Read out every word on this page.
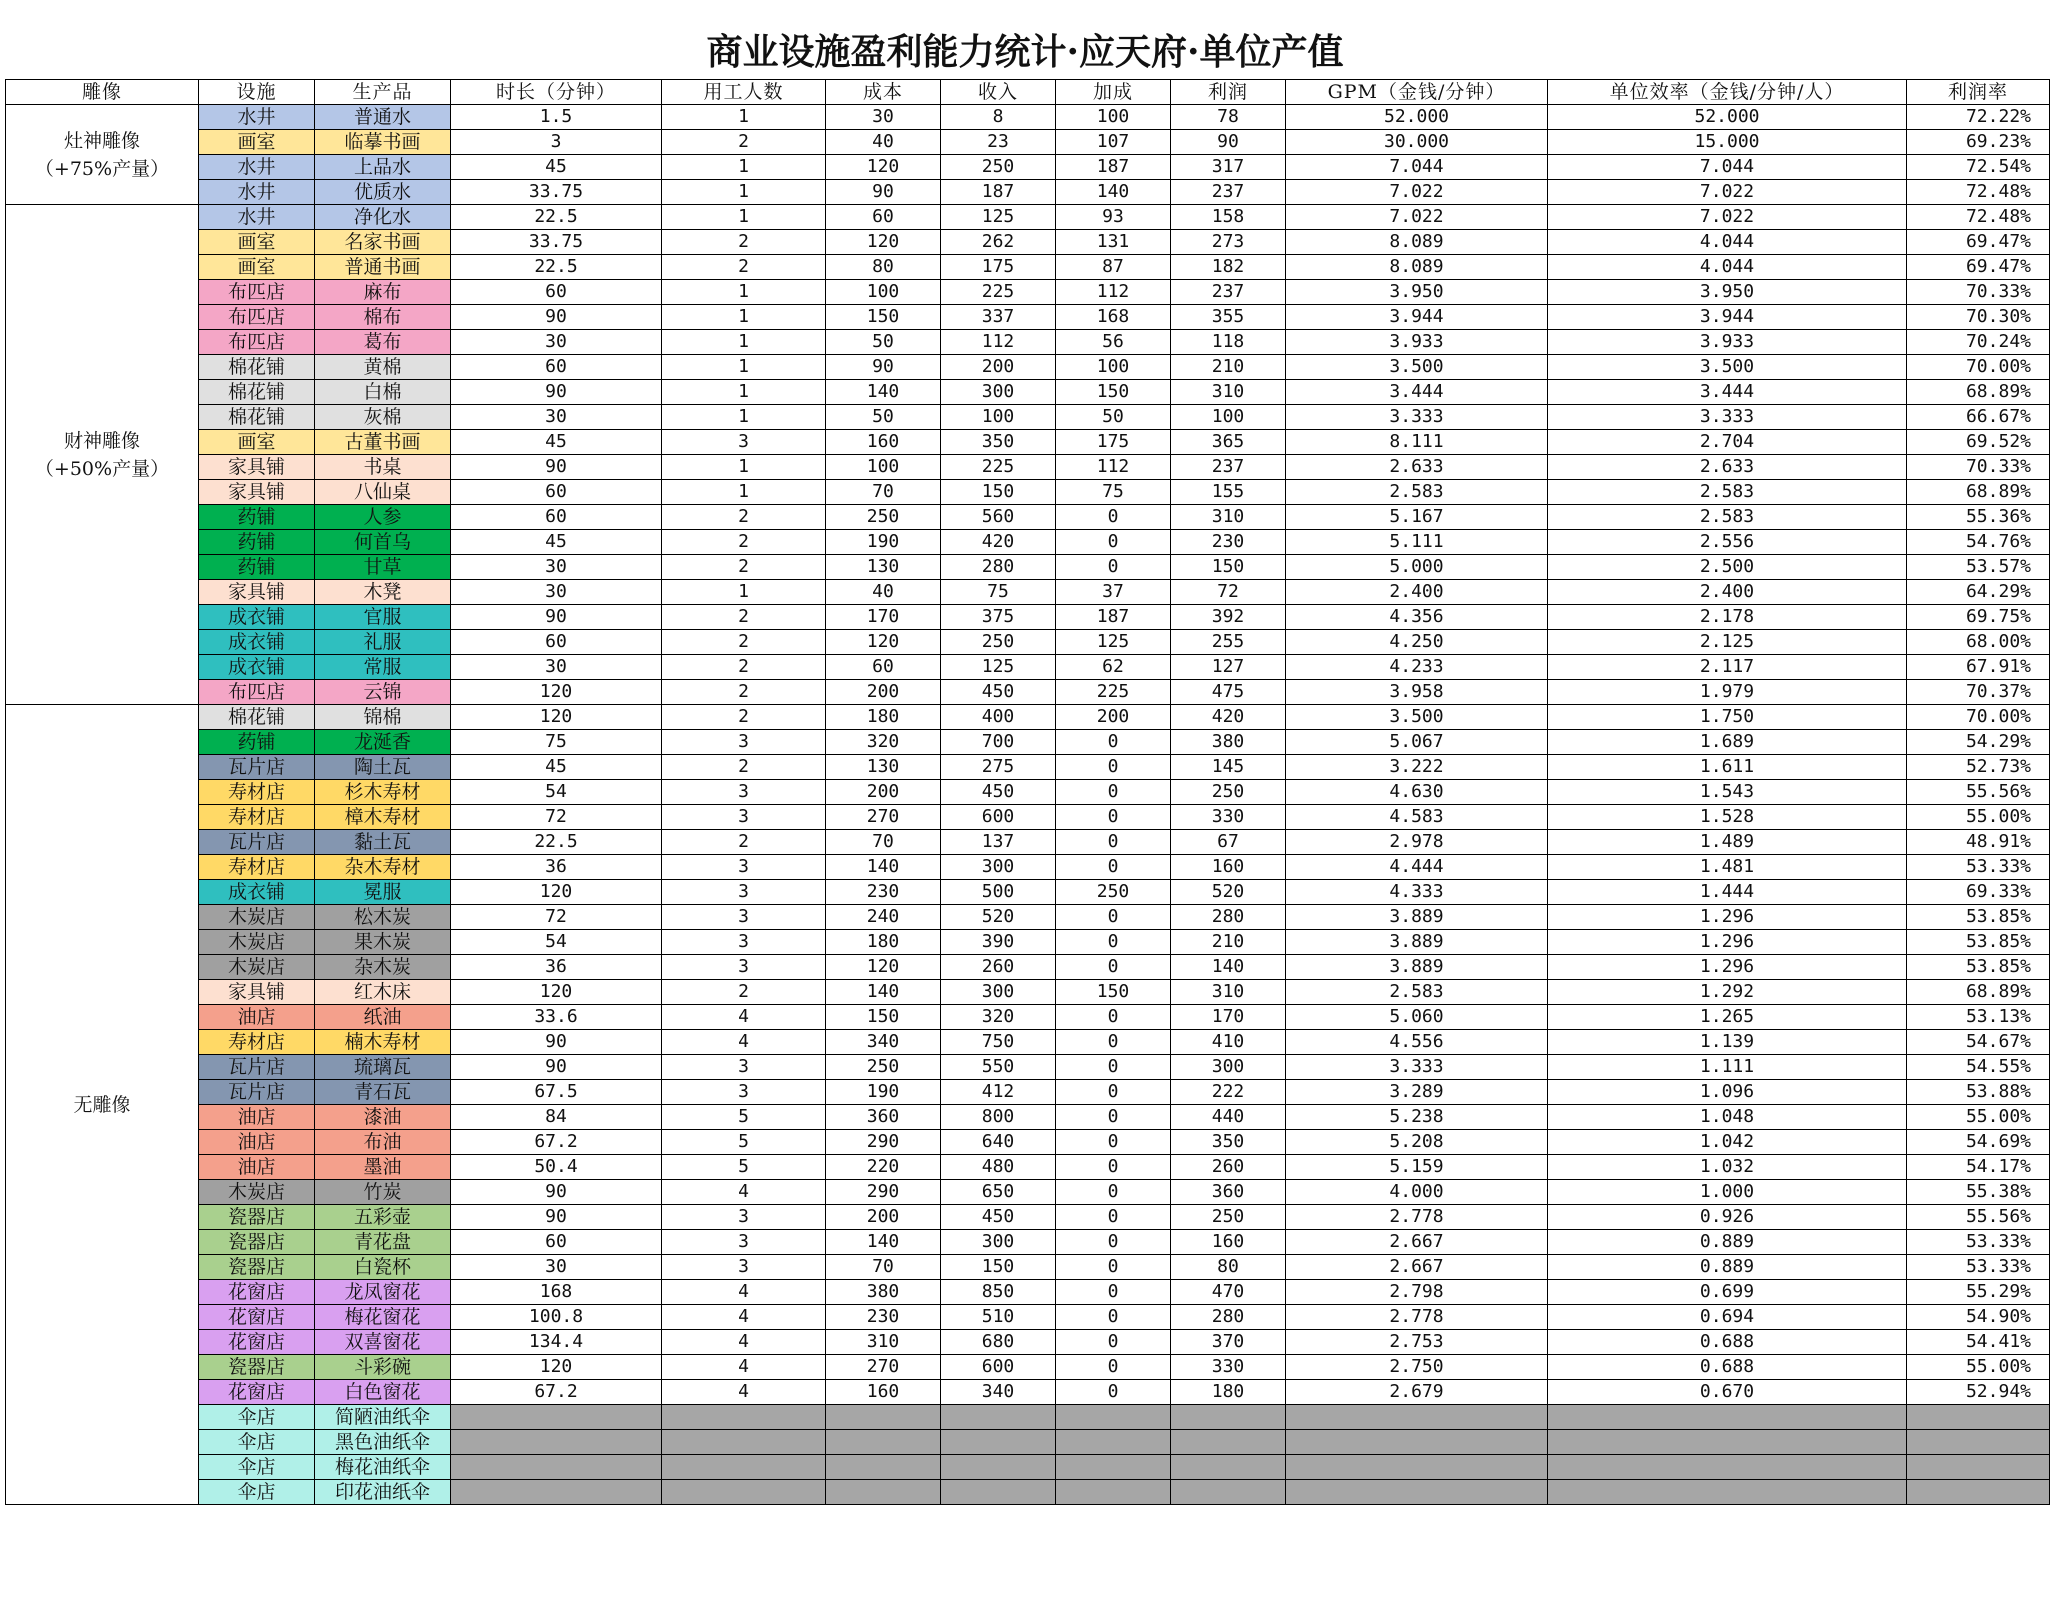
商业设施盈利能力统计·应天府·单位产值
雕像	设施	生产品	时长（分钟）	用工人数	成本	收入	加成	利润	GPM（金钱/分钟）	单位效率（金钱/分钟/人）	利润率

灶神雕像
（+75%产量）	水井	普通水	1.5	1	30	8	100	78	52.000	52.000	72.22%
	画室	临摹书画	3	2	40	23	107	90	30.000	15.000	69.23%
	水井	上品水	45	1	120	250	187	317	7.044	7.044	72.54%
	水井	优质水	33.75	1	90	187	140	237	7.022	7.022	72.48%

财神雕像
（+50%产量）	水井	净化水	22.5	1	60	125	93	158	7.022	7.022	72.48%
	画室	名家书画	33.75	2	120	262	131	273	8.089	4.044	69.47%
	画室	普通书画	22.5	2	80	175	87	182	8.089	4.044	69.47%
	布匹店	麻布	60	1	100	225	112	237	3.950	3.950	70.33%
	布匹店	棉布	90	1	150	337	168	355	3.944	3.944	70.30%
	布匹店	葛布	30	1	50	112	56	118	3.933	3.933	70.24%
	棉花铺	黄棉	60	1	90	200	100	210	3.500	3.500	70.00%
	棉花铺	白棉	90	1	140	300	150	310	3.444	3.444	68.89%
	棉花铺	灰棉	30	1	50	100	50	100	3.333	3.333	66.67%
	画室	古董书画	45	3	160	350	175	365	8.111	2.704	69.52%
	家具铺	书桌	90	1	100	225	112	237	2.633	2.633	70.33%
	家具铺	八仙桌	60	1	70	150	75	155	2.583	2.583	68.89%
	药铺	人参	60	2	250	560	0	310	5.167	2.583	55.36%
	药铺	何首乌	45	2	190	420	0	230	5.111	2.556	54.76%
	药铺	甘草	30	2	130	280	0	150	5.000	2.500	53.57%
	家具铺	木凳	30	1	40	75	37	72	2.400	2.400	64.29%
	成衣铺	官服	90	2	170	375	187	392	4.356	2.178	69.75%
	成衣铺	礼服	60	2	120	250	125	255	4.250	2.125	68.00%
	成衣铺	常服	30	2	60	125	62	127	4.233	2.117	67.91%
	布匹店	云锦	120	2	200	450	225	475	3.958	1.979	70.37%

无雕像	棉花铺	锦棉	120	2	180	400	200	420	3.500	1.750	70.00%
	药铺	龙涎香	75	3	320	700	0	380	5.067	1.689	54.29%
	瓦片店	陶土瓦	45	2	130	275	0	145	3.222	1.611	52.73%
	寿材店	杉木寿材	54	3	200	450	0	250	4.630	1.543	55.56%
	寿材店	樟木寿材	72	3	270	600	0	330	4.583	1.528	55.00%
	瓦片店	黏土瓦	22.5	2	70	137	0	67	2.978	1.489	48.91%
	寿材店	杂木寿材	36	3	140	300	0	160	4.444	1.481	53.33%
	成衣铺	冕服	120	3	230	500	250	520	4.333	1.444	69.33%
	木炭店	松木炭	72	3	240	520	0	280	3.889	1.296	53.85%
	木炭店	果木炭	54	3	180	390	0	210	3.889	1.296	53.85%
	木炭店	杂木炭	36	3	120	260	0	140	3.889	1.296	53.85%
	家具铺	红木床	120	2	140	300	150	310	2.583	1.292	68.89%
	油店	纸油	33.6	4	150	320	0	170	5.060	1.265	53.13%
	寿材店	楠木寿材	90	4	340	750	0	410	4.556	1.139	54.67%
	瓦片店	琉璃瓦	90	3	250	550	0	300	3.333	1.111	54.55%
	瓦片店	青石瓦	67.5	3	190	412	0	222	3.289	1.096	53.88%
	油店	漆油	84	5	360	800	0	440	5.238	1.048	55.00%
	油店	布油	67.2	5	290	640	0	350	5.208	1.042	54.69%
	油店	墨油	50.4	5	220	480	0	260	5.159	1.032	54.17%
	木炭店	竹炭	90	4	290	650	0	360	4.000	1.000	55.38%
	瓷器店	五彩壶	90	3	200	450	0	250	2.778	0.926	55.56%
	瓷器店	青花盘	60	3	140	300	0	160	2.667	0.889	53.33%
	瓷器店	白瓷杯	30	3	70	150	0	80	2.667	0.889	53.33%
	花窗店	龙凤窗花	168	4	380	850	0	470	2.798	0.699	55.29%
	花窗店	梅花窗花	100.8	4	230	510	0	280	2.778	0.694	54.90%
	花窗店	双喜窗花	134.4	4	310	680	0	370	2.753	0.688	54.41%
	瓷器店	斗彩碗	120	4	270	600	0	330	2.750	0.688	55.00%
	花窗店	白色窗花	67.2	4	160	340	0	180	2.679	0.670	52.94%
	伞店	简陋油纸伞									
	伞店	黑色油纸伞									
	伞店	梅花油纸伞									
	伞店	印花油纸伞									
